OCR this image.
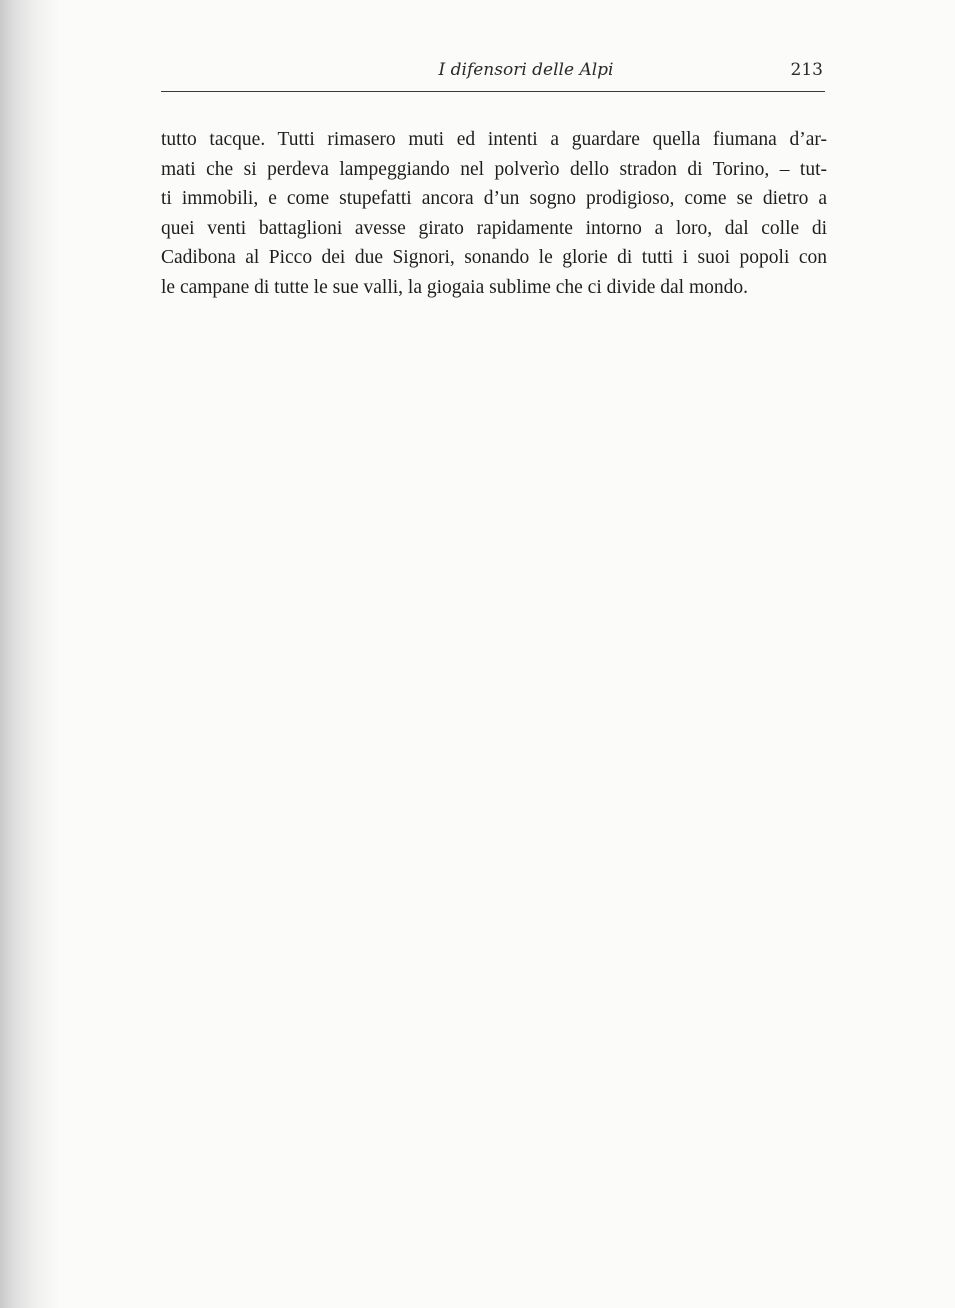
I difensori delle Alpi	213
tutto tacque. Tutti rimasero muti ed intenti a guardare quella fiumana d’ar-
mati che si perdeva lampeggiando nel polverìo dello stradon di Torino, – tut-
ti immobili, e come stupefatti ancora d’un sogno prodigioso, come se dietro a
quei venti battaglioni avesse girato rapidamente intorno a loro, dal colle di
Cadibona al Picco dei due Signori, sonando le glorie di tutti i suoi popoli con
le campane di tutte le sue valli, la giogaia sublime che ci divide dal mondo.
